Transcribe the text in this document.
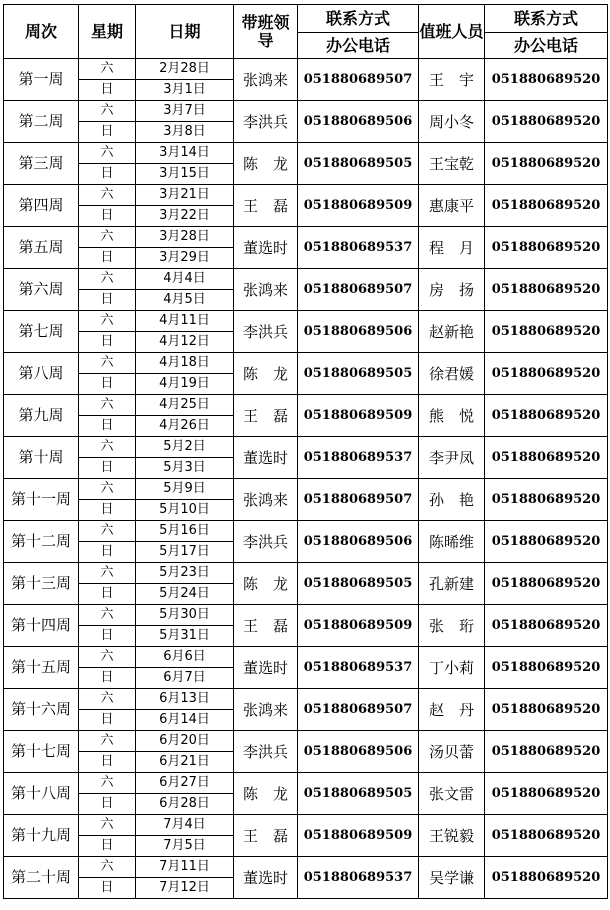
周次	星期	日期	带班领导	联系方式	值班人员	联系方式
				办公电话		办公电话
第一周	六	2月28日	张鸿来	051880689507	王　宇	051880689520
	日	3月1日				
第二周	六	3月7日	李洪兵	051880689506	周小冬	051880689520
	日	3月8日				
第三周	六	3月14日	陈　龙	051880689505	王宝乾	051880689520
	日	3月15日				
第四周	六	3月21日	王　磊	051880689509	惠康平	051880689520
	日	3月22日				
第五周	六	3月28日	董选时	051880689537	程　月	051880689520
	日	3月29日				
第六周	六	4月4日	张鸿来	051880689507	房　扬	051880689520
	日	4月5日				
第七周	六	4月11日	李洪兵	051880689506	赵新艳	051880689520
	日	4月12日				
第八周	六	4月18日	陈　龙	051880689505	徐君媛	051880689520
	日	4月19日				
第九周	六	4月25日	王　磊	051880689509	熊　悦	051880689520
	日	4月26日				
第十周	六	5月2日	董选时	051880689537	李尹凤	051880689520
	日	5月3日				
第十一周	六	5月9日	张鸿来	051880689507	孙　艳	051880689520
	日	5月10日				
第十二周	六	5月16日	李洪兵	051880689506	陈晞维	051880689520
	日	5月17日				
第十三周	六	5月23日	陈　龙	051880689505	孔新建	051880689520
	日	5月24日				
第十四周	六	5月30日	王　磊	051880689509	张　珩	051880689520
	日	5月31日				
第十五周	六	6月6日	董选时	051880689537	丁小莉	051880689520
	日	6月7日				
第十六周	六	6月13日	张鸿来	051880689507	赵　丹	051880689520
	日	6月14日				
第十七周	六	6月20日	李洪兵	051880689506	汤贝蕾	051880689520
	日	6月21日				
第十八周	六	6月27日	陈　龙	051880689505	张文雷	051880689520
	日	6月28日				
第十九周	六	7月4日	王　磊	051880689509	王锐毅	051880689520
	日	7月5日				
第二十周	六	7月11日	董选时	051880689537	吴学谦	051880689520
	日	7月12日				
